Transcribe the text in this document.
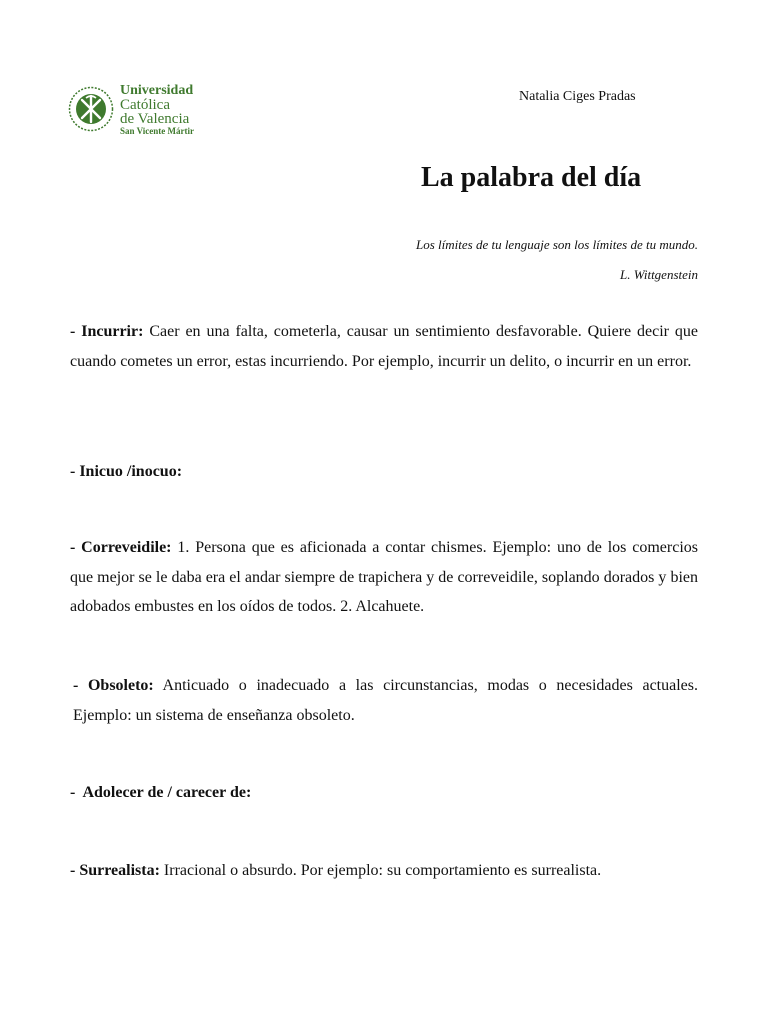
Universidad
Católica
de Valencia
San Vicente Mártir
Natalia Ciges Pradas
La palabra del día
Los límites de tu lenguaje son los límites de tu mundo.
L. Wittgenstein
- Incurrir: Caer en una falta, cometerla, causar un sentimiento desfavorable. Quiere decir que cuando cometes un error, estas incurriendo. Por ejemplo, incurrir un delito, o incurrir en un error.
- Inicuo /inocuo:
- Correveidile: 1. Persona que es aficionada a contar chismes. Ejemplo: uno de los comercios que mejor se le daba era el andar siempre de trapichera y de correveidile, soplando dorados y bien adobados embustes en los oídos de todos. 2. Alcahuete.
- Obsoleto: Anticuado o inadecuado a las circunstancias, modas o necesidades actuales. Ejemplo: un sistema de enseñanza obsoleto.
-  Adolecer de / carecer de:
- Surrealista: Irracional o absurdo. Por ejemplo: su comportamiento es surrealista.
